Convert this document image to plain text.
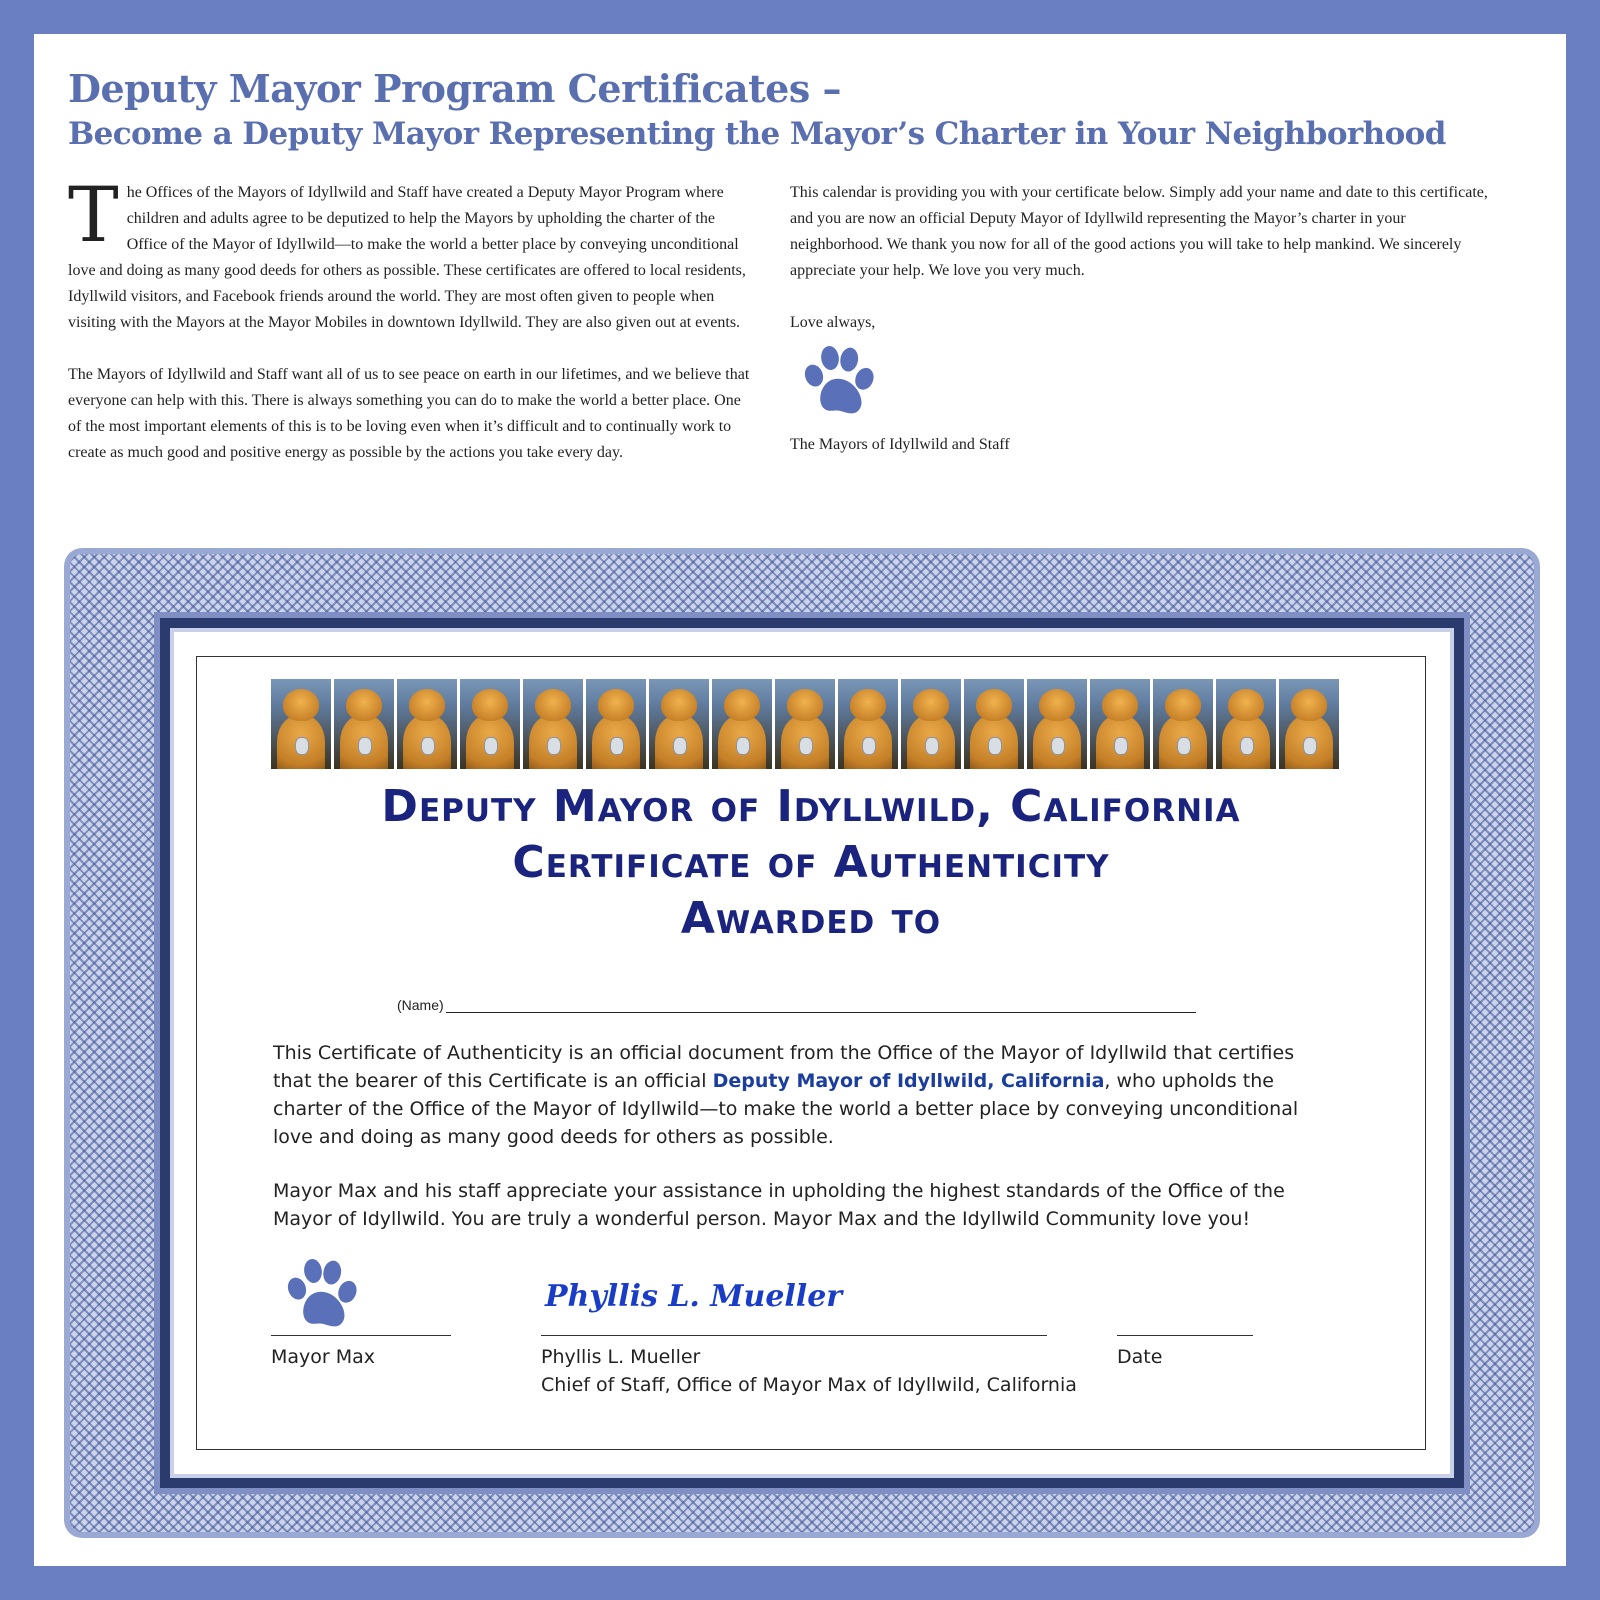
Deputy Mayor Program Certificates –
Become a Deputy Mayor Representing the Mayor’s Charter in Your Neighborhood

The Offices of the Mayors of Idyllwild and Staff have created a Deputy Mayor Program where children and adults agree to be deputized to help the Mayors by upholding the charter of the Office of the Mayor of Idyllwild—to make the world a better place by conveying unconditional love and doing as many good deeds for others as possible. These certificates are offered to local residents, Idyllwild visitors, and Facebook friends around the world. They are most often given to people when visiting with the Mayors at the Mayor Mobiles in downtown Idyllwild. They are also given out at events.

The Mayors of Idyllwild and Staff want all of us to see peace on earth in our lifetimes, and we believe that everyone can help with this. There is always something you can do to make the world a better place. One of the most important elements of this is to be loving even when it’s difficult and to continually work to create as much good and positive energy as possible by the actions you take every day.

This calendar is providing you with your certificate below. Simply add your name and date to this certificate, and you are now an official Deputy Mayor of Idyllwild representing the Mayor’s charter in your neighborhood. We thank you now for all of the good actions you will take to help mankind. We sincerely appreciate your help. We love you very much.

Love always,

The Mayors of Idyllwild and Staff

Deputy Mayor of Idyllwild, California
Certificate of Authenticity
Awarded to
(Name)

This Certificate of Authenticity is an official document from the Office of the Mayor of Idyllwild that certifies that the bearer of this Certificate is an official Deputy Mayor of Idyllwild, California, who upholds the charter of the Office of the Mayor of Idyllwild—to make the world a better place by conveying unconditional love and doing as many good deeds for others as possible.

Mayor Max and his staff appreciate your assistance in upholding the highest standards of the Office of the Mayor of Idyllwild. You are truly a wonderful person. Mayor Max and the Idyllwild Community love you!

Phyllis L. Mueller
Mayor Max	Phyllis L. Mueller
Chief of Staff, Office of Mayor Max of Idyllwild, California
Date
